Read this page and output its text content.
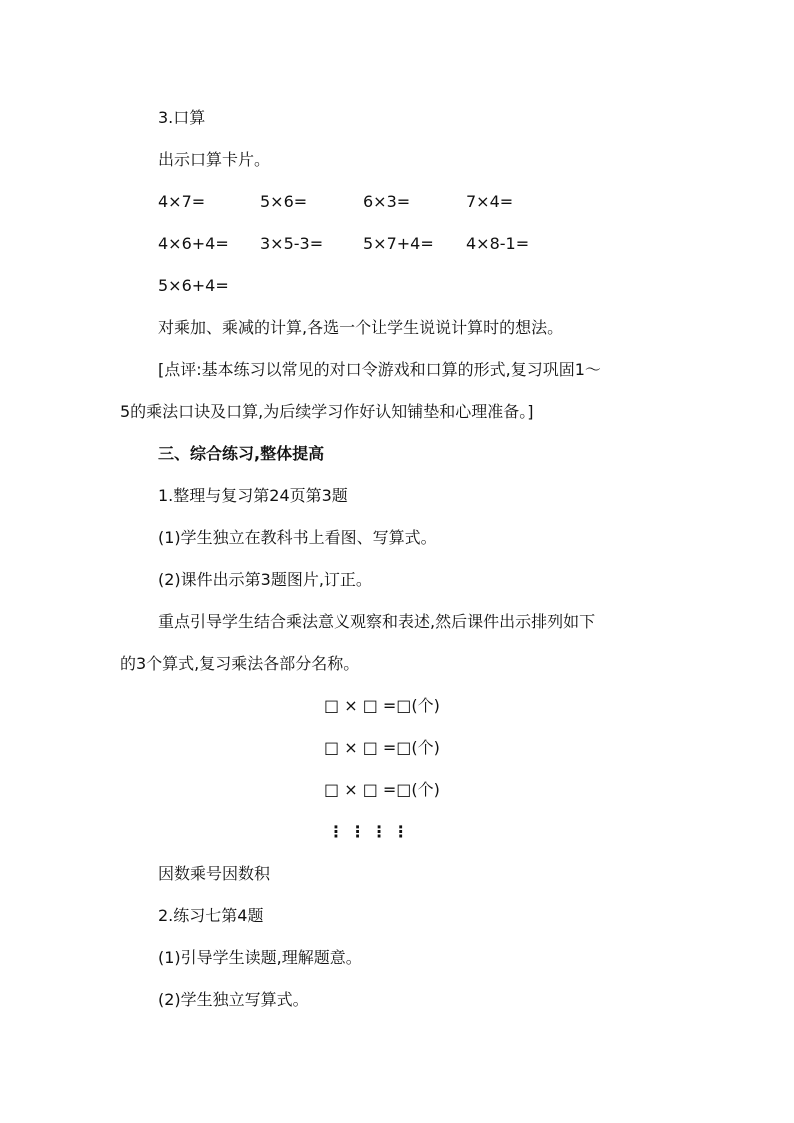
3.口算
出示口算卡片。
4×7=	5×6=	6×3=	7×4=
4×6+4= 3×5-3= 5×7+4= 4×8-1=
5×6+4=
对乘加、乘减的计算,各选一个让学生说说计算时的想法。
[点评:基本练习以常见的对口令游戏和口算的形式,复习巩固1～
5的乘法口诀及口算,为后续学习作好认知铺垫和心理准备。]
三、综合练习,整体提高
1.整理与复习第24页第3题
(1)学生独立在教科书上看图、写算式。
(2)课件出示第3题图片,订正。
重点引导学生结合乘法意义观察和表述,然后课件出示排列如下
的3个算式,复习乘法各部分名称。
□ × □ =□(个)
□ × □ =□(个)
□ × □ =□(个)
⋮ ⋮ ⋮ ⋮
因数乘号因数积
2.练习七第4题
(1)引导学生读题,理解题意。
(2)学生独立写算式。
